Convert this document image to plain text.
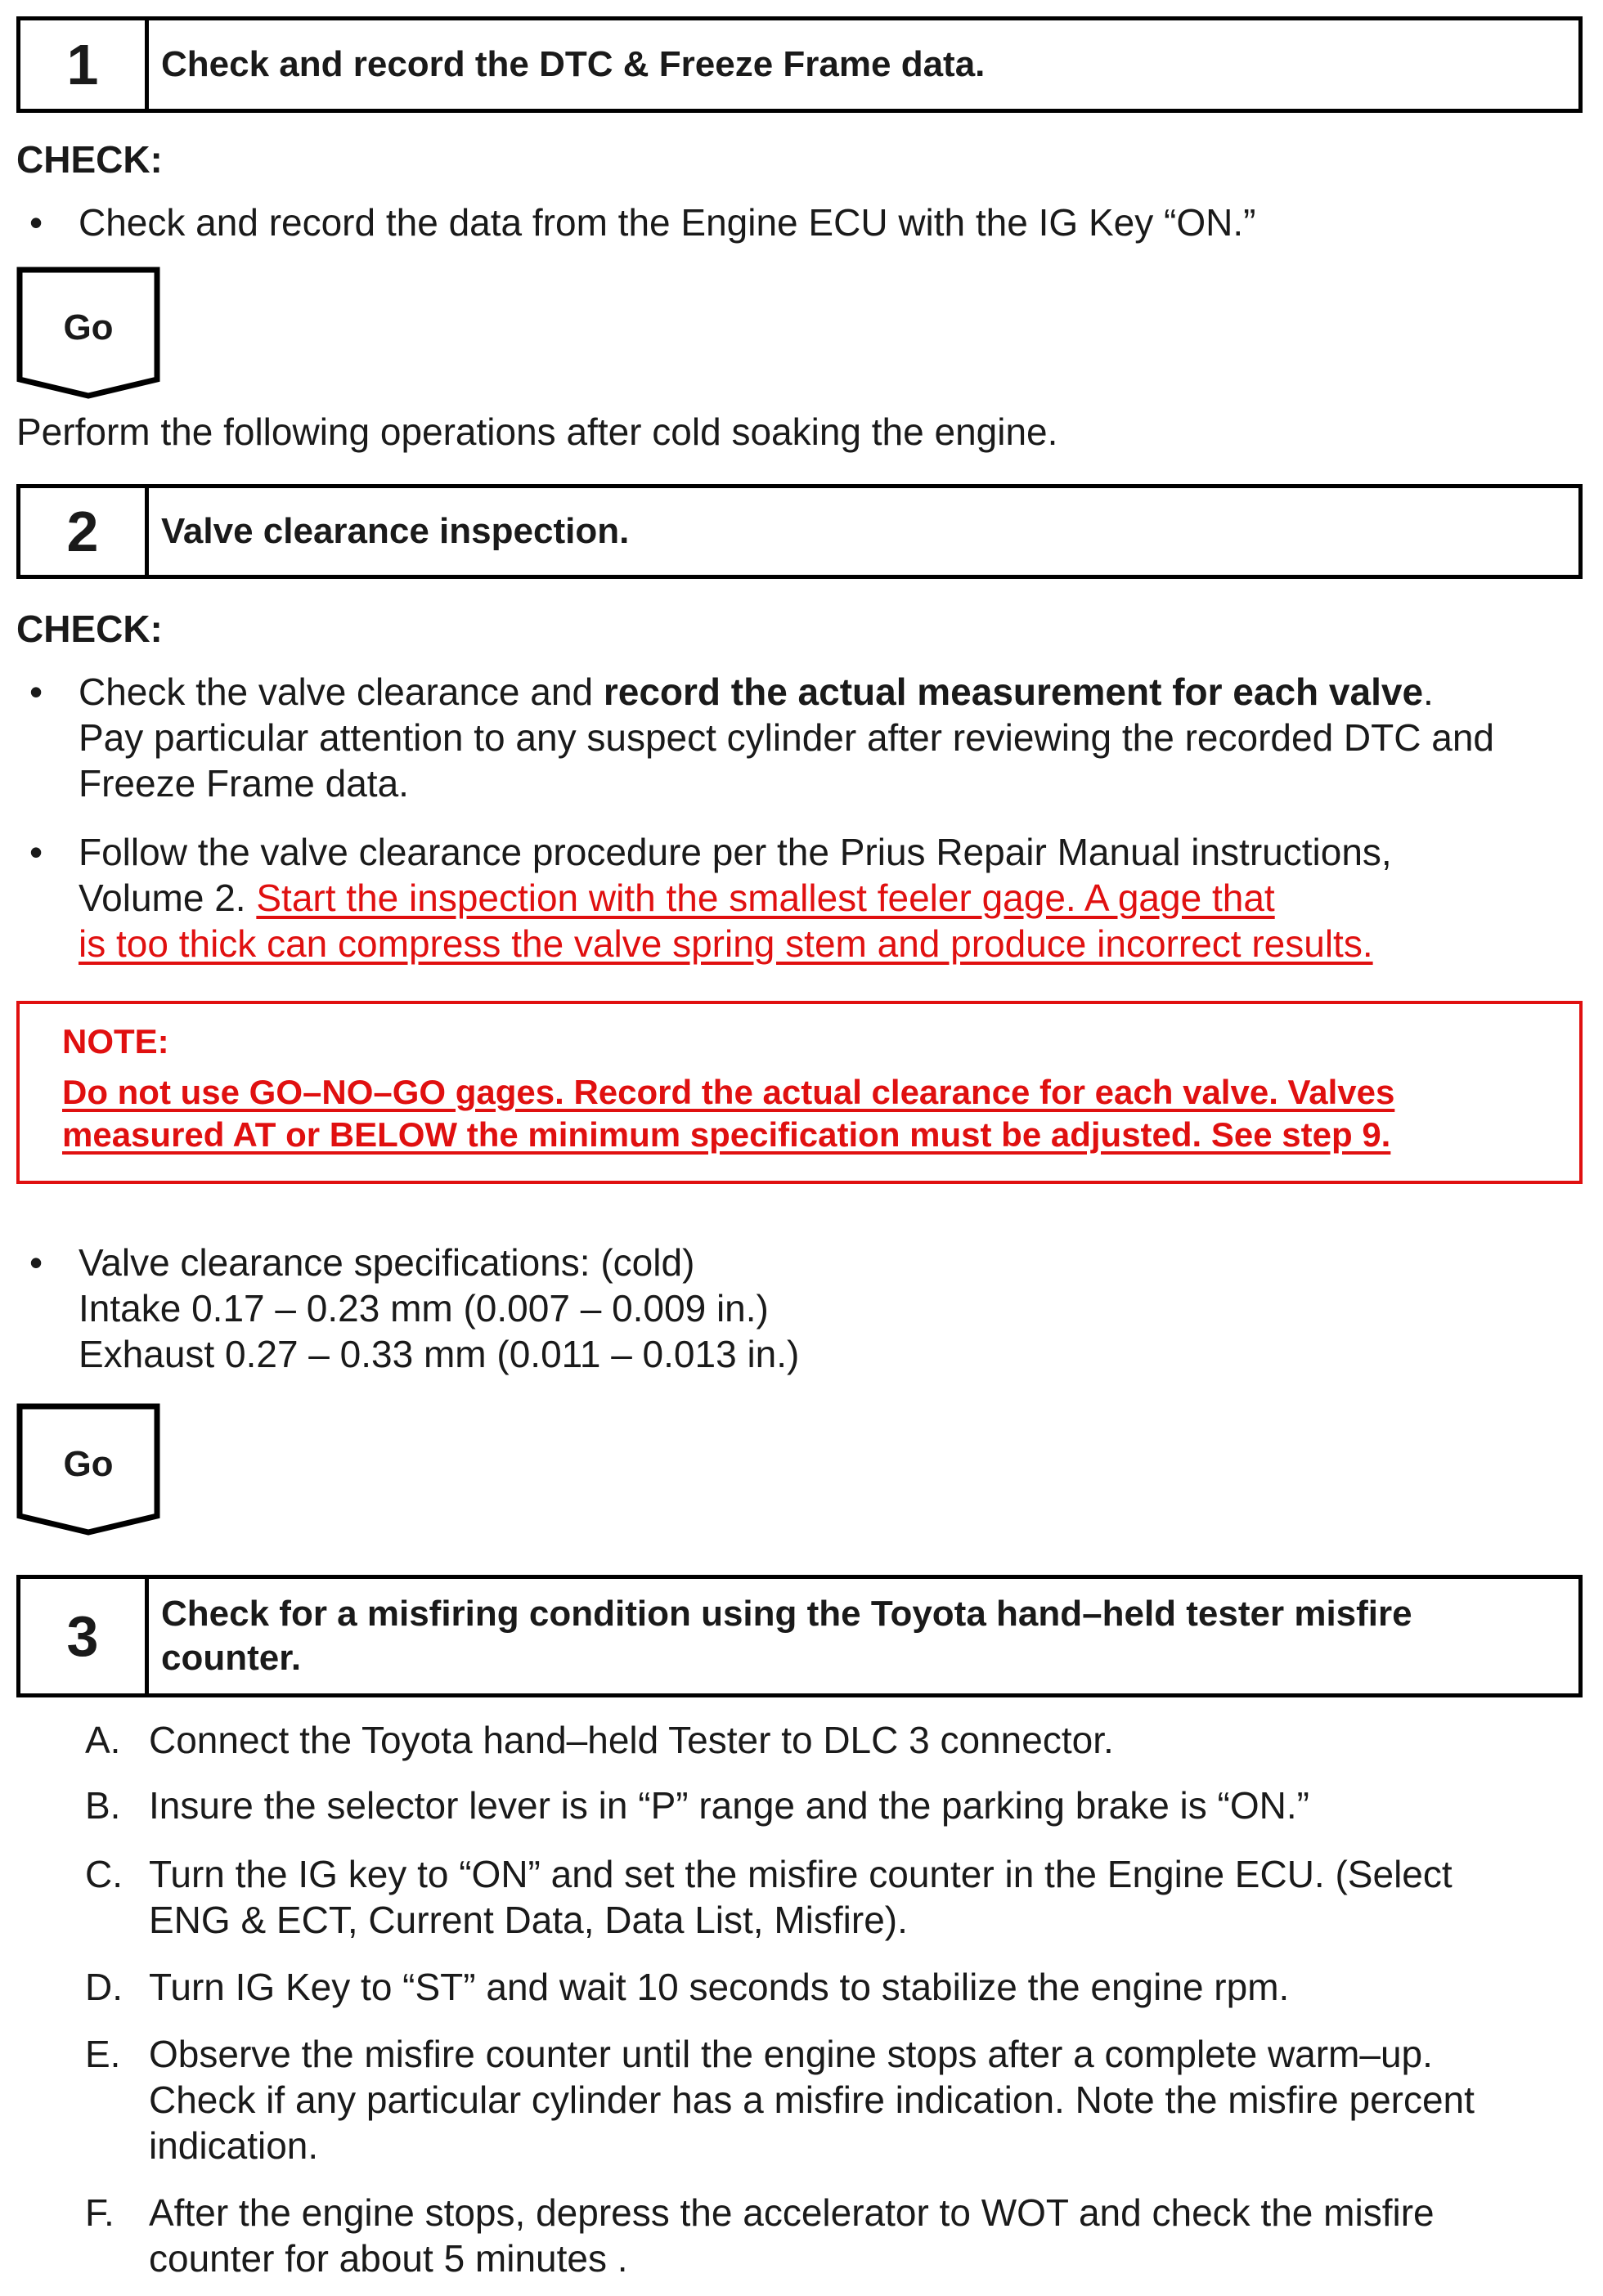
1	Check and record the DTC & Freeze Frame data.
CHECK:
• Check and record the data from the Engine ECU with the IG Key “ON.”
Go
Perform the following operations after cold soaking the engine.
2	Valve clearance inspection.
CHECK:
• Check the valve clearance and record the actual measurement for each valve.
Pay particular attention to any suspect cylinder after reviewing the recorded DTC and
Freeze Frame data.
• Follow the valve clearance procedure per the Prius Repair Manual instructions,
Volume 2. Start the inspection with the smallest feeler gage. A gage that
is too thick can compress the valve spring stem and produce incorrect results.
NOTE:
Do not use GO–NO–GO gages. Record the actual clearance for each valve. Valves
measured AT or BELOW the minimum specification must be adjusted. See step 9.
• Valve clearance specifications: (cold)
Intake 0.17 – 0.23 mm (0.007 – 0.009 in.)
Exhaust 0.27 – 0.33 mm (0.011 – 0.013 in.)
Go
3	Check for a misfiring condition using the Toyota hand–held tester misfire
counter.
A. Connect the Toyota hand–held Tester to DLC 3 connector.
B. Insure the selector lever is in “P” range and the parking brake is “ON.”
C. Turn the IG key to “ON” and set the misfire counter in the Engine ECU. (Select
ENG & ECT, Current Data, Data List, Misfire).
D. Turn IG Key to “ST” and wait 10 seconds to stabilize the engine rpm.
E. Observe the misfire counter until the engine stops after a complete warm–up.
Check if any particular cylinder has a misfire indication. Note the misfire percent
indication.
F. After the engine stops, depress the accelerator to WOT and check the misfire
counter for about 5 minutes .
